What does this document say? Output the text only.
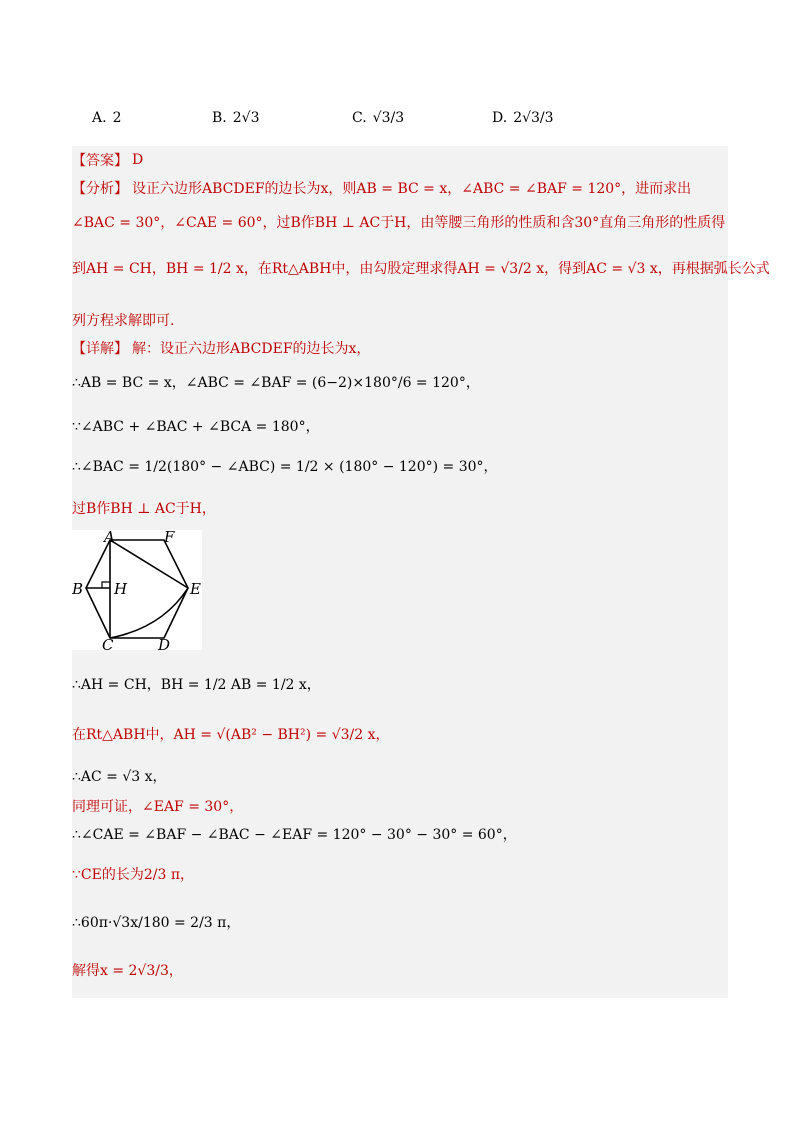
A. 2	B. 2√3	C. √3/3	D. 2√3/3
【答案】 D
【分析】 设正六边形ABCDEF的边长为x，则AB = BC = x，∠ABC = ∠BAF = 120°，进而求出
∠BAC = 30°，∠CAE = 60°，过B作BH ⊥ AC于H，由等腰三角形的性质和含30°直角三角形的性质得
到AH = CH，BH = 1/2 x，在Rt△ABH中，由勾股定理求得AH = √3/2 x，得到AC = √3 x，再根据弧长公式
列方程求解即可.
【详解】 解：设正六边形ABCDEF的边长为x，
∴AB = BC = x，∠ABC = ∠BAF = (6−2)×180°/6 = 120°，
∵∠ABC + ∠BAC + ∠BCA = 180°，
∴∠BAC = 1/2(180° − ∠ABC) = 1/2 × (180° − 120°) = 30°，
过B作BH ⊥ AC于H，
A	F
B H	E
C	D
∴AH = CH，BH = 1/2 AB = 1/2 x，
在Rt△ABH中，AH = √(AB² − BH²) = √3/2 x，
∴AC = √3 x，
同理可证，∠EAF = 30°，
∴∠CAE = ∠BAF − ∠BAC − ∠EAF = 120° − 30° − 30° = 60°，
∵CE的长为2/3 π，
∴60π·√3x/180 = 2/3 π，
解得x = 2√3/3，
